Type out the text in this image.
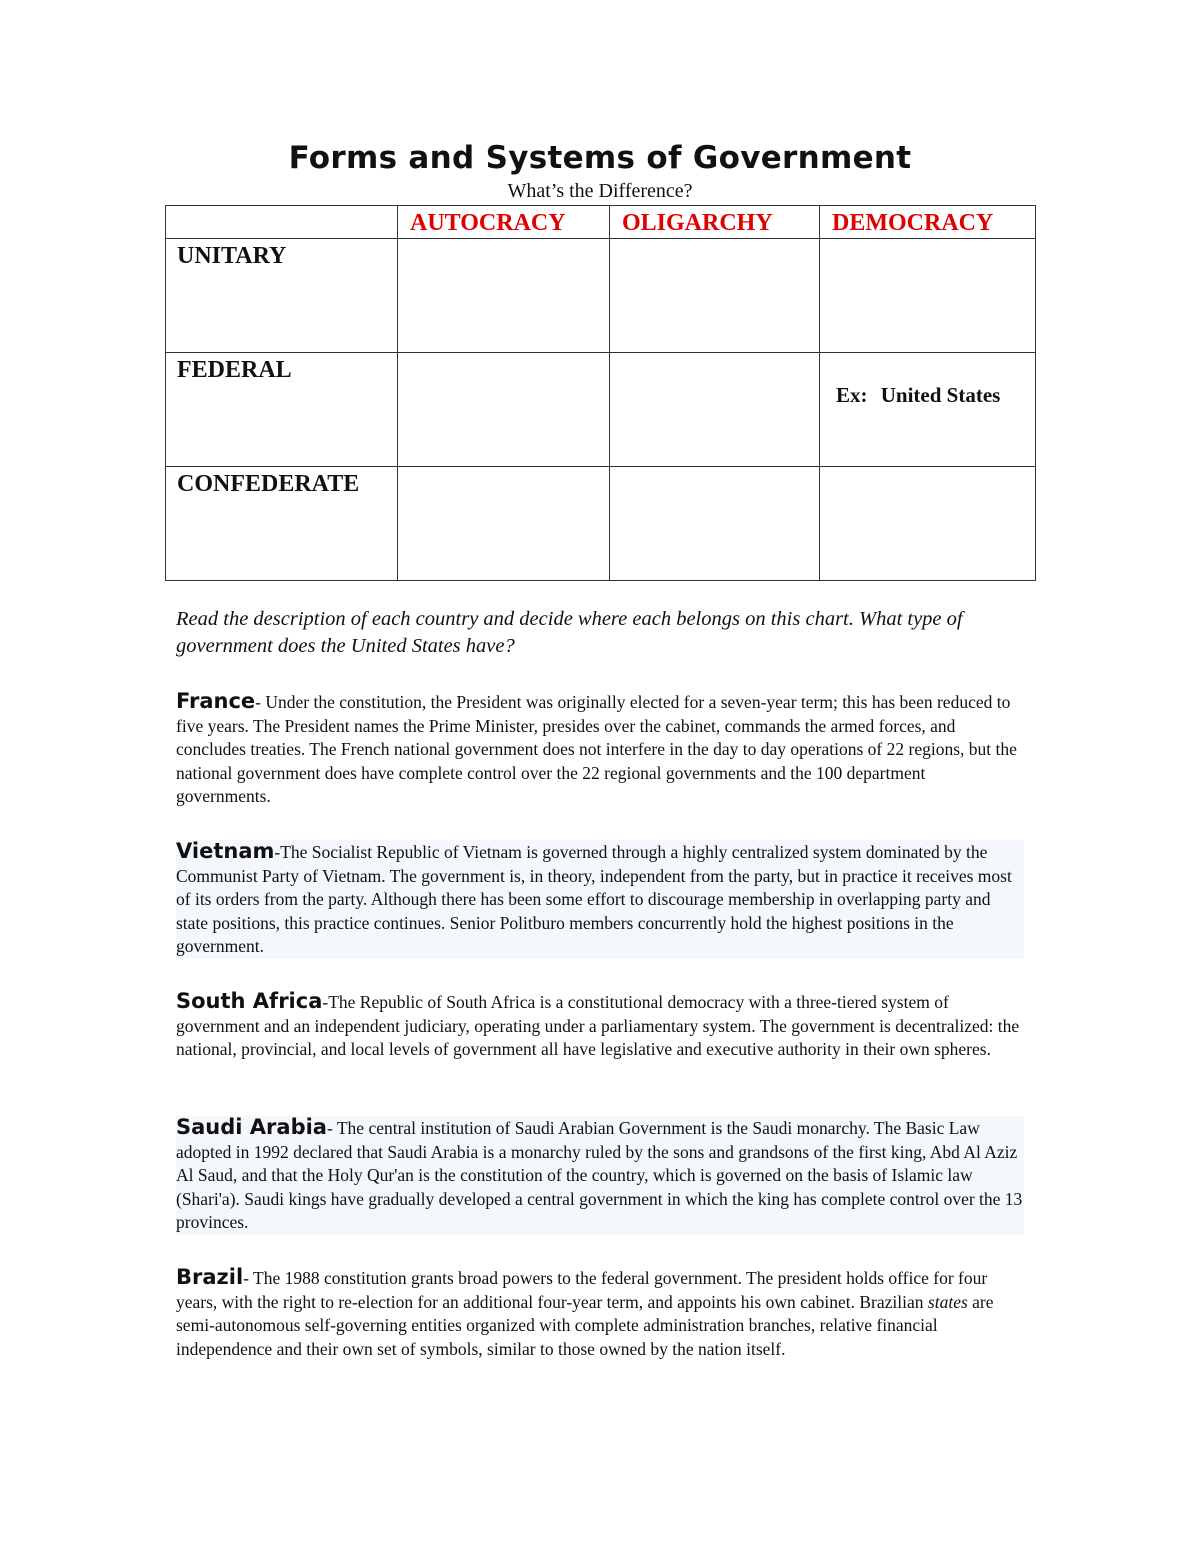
Forms and Systems of Government

What’s the Difference?

	AUTOCRACY	OLIGARCHY	DEMOCRACY
UNITARY			
FEDERAL			Ex: United States
CONFEDERATE			

Read the description of each country and decide where each belongs on this chart. What type of government does the United States have?

France- Under the constitution, the President was originally elected for a seven-year term; this has been reduced to five years. The President names the Prime Minister, presides over the cabinet, commands the armed forces, and concludes treaties. The French national government does not interfere in the day to day operations of 22 regions, but the national government does have complete control over the 22 regional governments and the 100 department governments.

Vietnam-The Socialist Republic of Vietnam is governed through a highly centralized system dominated by the Communist Party of Vietnam. The government is, in theory, independent from the party, but in practice it receives most of its orders from the party. Although there has been some effort to discourage membership in overlapping party and state positions, this practice continues. Senior Politburo members concurrently hold the highest positions in the government.

South Africa-The Republic of South Africa is a constitutional democracy with a three-tiered system of government and an independent judiciary, operating under a parliamentary system. The government is decentralized: the national, provincial, and local levels of government all have legislative and executive authority in their own spheres.

Saudi Arabia- The central institution of Saudi Arabian Government is the Saudi monarchy. The Basic Law adopted in 1992 declared that Saudi Arabia is a monarchy ruled by the sons and grandsons of the first king, Abd Al Aziz Al Saud, and that the Holy Qur'an is the constitution of the country, which is governed on the basis of Islamic law (Shari'a). Saudi kings have gradually developed a central government in which the king has complete control over the 13 provinces.

Brazil- The 1988 constitution grants broad powers to the federal government. The president holds office for four years, with the right to re-election for an additional four-year term, and appoints his own cabinet. Brazilian states are semi-autonomous self-governing entities organized with complete administration branches, relative financial independence and their own set of symbols, similar to those owned by the nation itself.
